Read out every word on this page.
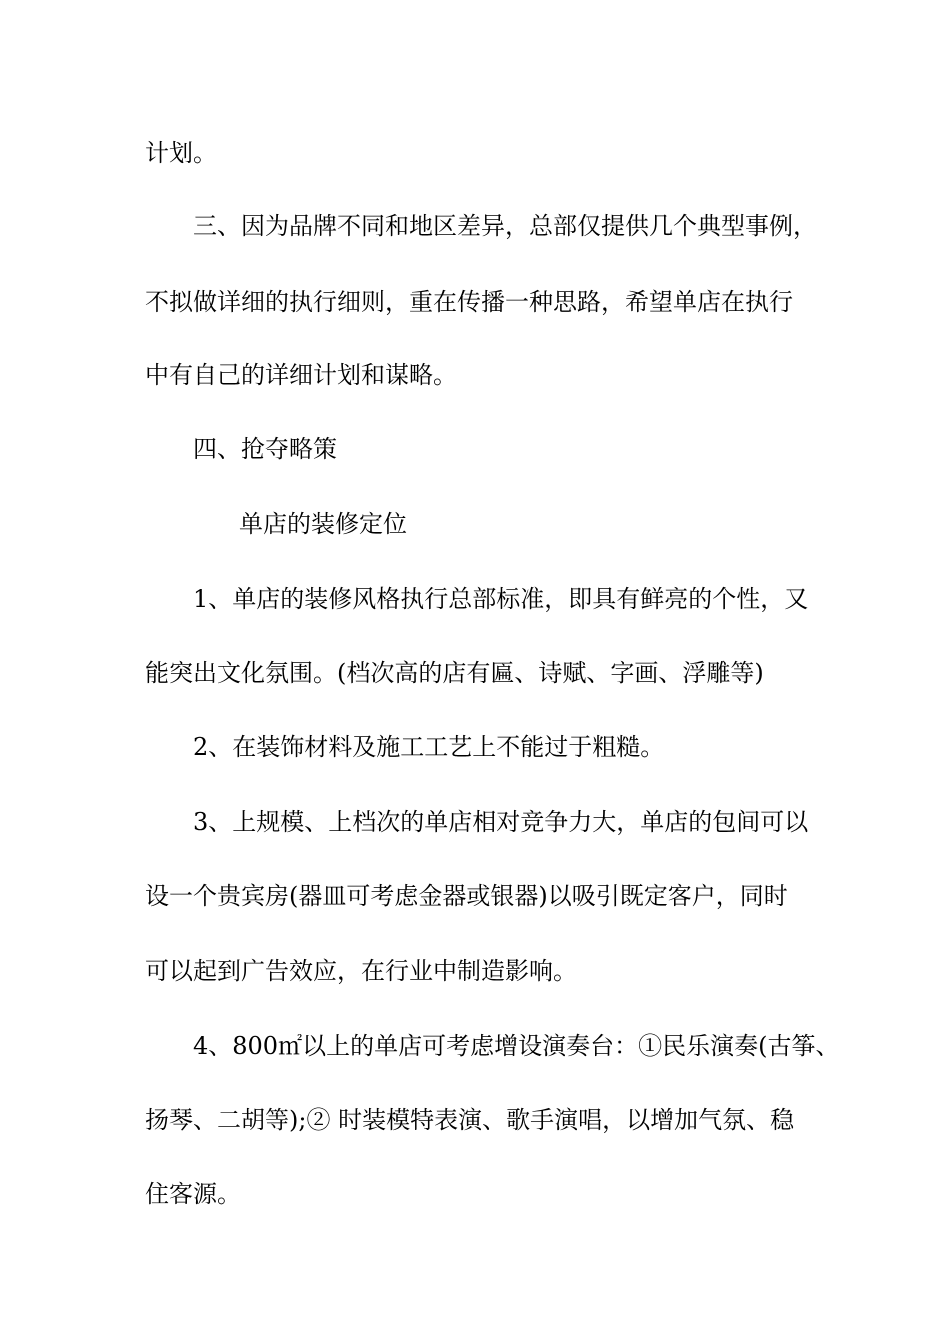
计划。
三、因为品牌不同和地区差异，总部仅提供几个典型事例，
不拟做详细的执行细则，重在传播一种思路，希望单店在执行
中有自己的详细计划和谋略。
四、抢夺略策
单店的装修定位
1、单店的装修风格执行总部标准，即具有鲜亮的个性，又
能突出文化氛围。(档次高的店有匾、诗赋、字画、浮雕等)
2、在装饰材料及施工工艺上不能过于粗糙。
3、上规模、上档次的单店相对竞争力大，单店的包间可以
设一个贵宾房(器皿可考虑金器或银器)以吸引既定客户，同时
可以起到广告效应，在行业中制造影响。
4、800㎡以上的单店可考虑增设演奏台：①民乐演奏(古筝、
扬琴、二胡等);② 时装模特表演、歌手演唱，以增加气氛、稳
住客源。
